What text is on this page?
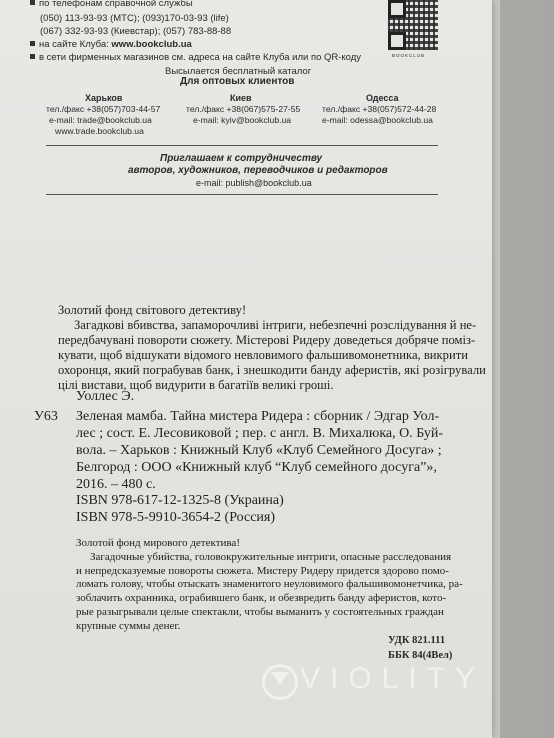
по телефонам справочной службы
(050) 113-93-93 (МТС); (093)170-03-93 (life)
(067) 332-93-93 (Киевстар); (057) 783-88-88
на сайте Клуба: www.bookclub.ua
в сети фирменных магазинов см. адреса на сайте Клуба или по QR-коду
Высылается бесплатный каталог
BOOKCLUB
Для оптовых клиентов
Харьков
тел./факс +38(057)703-44-57
e-mail: trade@bookclub.ua
www.trade.bookclub.ua
Киев
тел./факс +38(067)575-27-55
e-mail: kyiv@bookclub.ua
Одесса
тел./факс +38(057)572-44-28
e-mail: odessa@bookclub.ua
Приглашаем к сотрудничеству
авторов, художников, переводчиков и редакторов
e-mail: publish@bookclub.ua
Золотий фонд світового детективу!
Загадкові вбивства, запаморочливі інтриги, небезпечні розслідування й не-
передбачувані повороти сюжету. Містерові Ридеру доведеться добряче поміз-
кувати, щоб відшукати відомого невловимого фальшивомонетника, викрити
охоронця, який пограбував банк, і знешкодити банду аферистів, які розігрували
цілі вистави, щоб видурити в багатіїв великі гроші.
Уоллес Э.
У63 Зеленая мамба. Тайна мистера Ридера : сборник / Эдгар Уол-
лес ; сост. Е. Лесовиковой ; пер. с англ. В. Михалюка, О. Буй-
вола. – Харьков : Книжный Клуб «Клуб Семейного Досуга» ;
Белгород : ООО «Книжный клуб “Клуб семейного досуга”»,
2016. – 480 с.
ISBN 978-617-12-1325-8 (Украина)
ISBN 978-5-9910-3654-2 (Россия)
Золотой фонд мирового детектива!
Загадочные убийства, головокружительные интриги, опасные расследования
и непредсказуемые повороты сюжета. Мистеру Ридеру придется здорово помо-
ломать голову, чтобы отыскать знаменитого неуловимого фальшивомонетчика, ра-
зоблачить охранника, ограбившего банк, и обезвредить банду аферистов, кото-
рые разыгрывали целые спектакли, чтобы выманить у состоятельных граждан
крупные суммы денег.
УДК 821.111
ББК 84(4Вел)
VIOLITY
